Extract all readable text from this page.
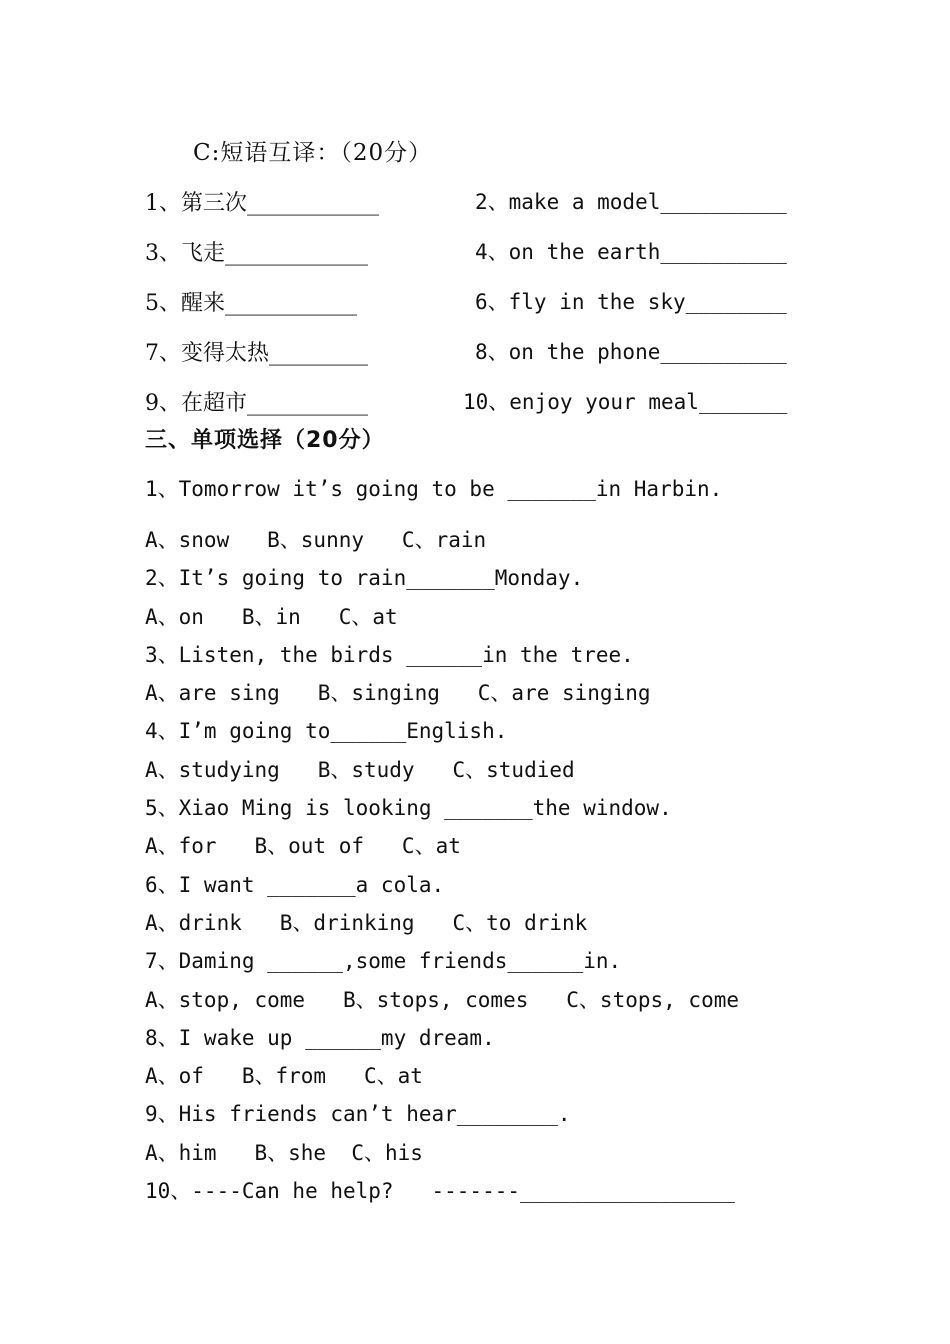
C:短语互译：（20分）
1、第三次____________	2、make a model__________
3、飞走_____________	4、on the earth__________
5、醒来____________	6、fly in the sky________
7、变得太热_________	8、on the phone__________
9、在超市___________	10、enjoy your meal_______
三、单项选择（20分）
1、Tomorrow it’s going to be _______in Harbin.
A、snow   B、sunny   C、rain
2、It’s going to rain_______Monday.
A、on   B、in   C、at
3、Listen, the birds ______in the tree.
A、are sing   B、singing   C、are singing
4、I’m going to______English.
A、studying   B、study   C、studied
5、Xiao Ming is looking _______the window.
A、for   B、out of   C、at
6、I want _______a cola.
A、drink   B、drinking   C、to drink
7、Daming ______,some friends______in.
A、stop, come   B、stops, comes   C、stops, come
8、I wake up ______my dream.
A、of   B、from   C、at
9、His friends can’t hear________.
A、him   B、she  C、his
10、----Can he help?   -------_________________
